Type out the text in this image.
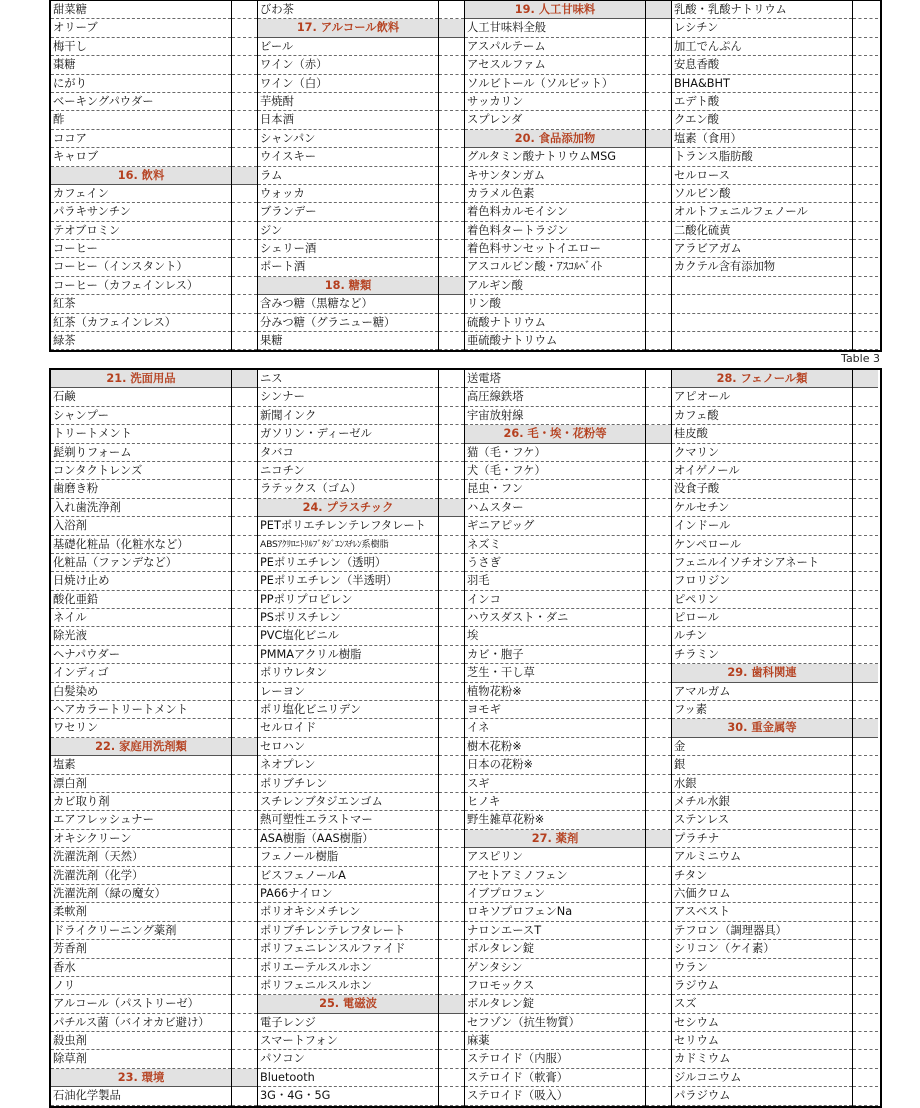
甜菜糖
オリーブ
梅干し
棗糖
にがり
ベーキングパウダー
酢
ココア
キャロブ
16. 飲料
カフェイン
パラキサンチン
テオブロミン
コーヒー
コーヒー（インスタント）
コーヒー（カフェインレス）
紅茶
紅茶（カフェインレス）
緑茶
びわ茶
17. アルコール飲料
ビール
ワイン（赤）
ワイン（白）
芋焼酎
日本酒
シャンパン
ウイスキー
ラム
ウォッカ
ブランデー
ジン
シェリー酒
ポート酒
18. 糖類
含みつ糖（黒糖など）
分みつ糖（グラニュー糖）
果糖
19. 人工甘味料
人工甘味料全般
アスパルテーム
アセスルファム
ソルビトール（ソルビット）
サッカリン
スプレンダ
20. 食品添加物
グルタミン酸ナトリウムMSG
キサンタンガム
カラメル色素
着色料カルモイシン
着色料タートラジン
着色料サンセットイエロー
アスコルビン酸・ｱｽｺﾙﾍﾞｲﾄ
アルギン酸
リン酸
硫酸ナトリウム
亜硫酸ナトリウム
乳酸・乳酸ナトリウム
レシチン
加工でんぷん
安息香酸
BHA&BHT
エデト酸
クエン酸
塩素（食用）
トランス脂肪酸
セルロース
ソルビン酸
オルトフェニルフェノール
二酸化硫黄
アラビアガム
カクテル含有添加物
Table 3
21. 洗面用品
石鹸
シャンプー
トリートメント
髭剃りフォーム
コンタクトレンズ
歯磨き粉
入れ歯洗浄剤
入浴剤
基礎化粧品（化粧水など）
化粧品（ファンデなど）
日焼け止め
酸化亜鉛
ネイル
除光液
ヘナパウダー
インディゴ
白髪染め
ヘアカラートリートメント
ワセリン
22. 家庭用洗剤類
塩素
漂白剤
カビ取り剤
エアフレッシュナー
オキシクリーン
洗濯洗剤（天然）
洗濯洗剤（化学）
洗濯洗剤（緑の魔女）
柔軟剤
ドライクリーニング薬剤
芳香剤
香水
ノリ
アルコール（パストリーゼ）
パチルス菌（バイオカビ避け）
殺虫剤
除草剤
23. 環境
石油化学製品
ニス
シンナー
新聞インク
ガソリン・ディーゼル
タバコ
ニコチン
ラテックス（ゴム）
24. プラスチック
PETポリエチレンテレフタレート
ABSｱｸﾘﾛﾆﾄﾘﾙﾌﾞﾀｼﾞｴﾝｽﾁﾚﾝ系樹脂
PEポリエチレン（透明）
PEポリエチレン（半透明）
PPポリプロピレン
PSポリスチレン
PVC塩化ビニル
PMMAアクリル樹脂
ポリウレタン
レーヨン
ポリ塩化ビニリデン
セルロイド
セロハン
ネオプレン
ポリブチレン
スチレンブタジエンゴム
熱可塑性エラストマー
ASA樹脂（AAS樹脂）
フェノール樹脂
ビスフェノールA
PA66ナイロン
ポリオキシメチレン
ポリブチレンテレフタレート
ポリフェニレンスルファイド
ポリエーテルスルホン
ポリフェニルスルホン
25. 電磁波
電子レンジ
スマートフォン
パソコン
Bluetooth
3G・4G・5G
送電塔
高圧線鉄塔
宇宙放射線
26. 毛・埃・花粉等
猫（毛・フケ）
犬（毛・フケ）
昆虫・フン
ハムスター
ギニアピッグ
ネズミ
うさぎ
羽毛
インコ
ハウスダスト・ダニ
埃
カビ・胞子
芝生・干し草
植物花粉※
ヨモギ
イネ
樹木花粉※
日本の花粉※
スギ
ヒノキ
野生雑草花粉※
27. 薬剤
アスピリン
アセトアミノフェン
イブプロフェン
ロキソプロフェンNa
ナロンエースT
ボルタレン錠
ゲンタシン
フロモックス
ボルタレン錠
セフゾン（抗生物質）
麻薬
ステロイド（内服）
ステロイド（軟膏）
ステロイド（吸入）
28. フェノール類
アピオール
カフェ酸
桂皮酸
クマリン
オイゲノール
没食子酸
ケルセチン
インドール
ケンペロール
フェニルイソチオシアネート
フロリジン
ピペリン
ピロール
ルチン
チラミン
29. 歯科関連
アマルガム
フッ素
30. 重金属等
金
銀
水銀
メチル水銀
ステンレス
プラチナ
アルミニウム
チタン
六価クロム
アスベスト
テフロン（調理器具）
シリコン（ケイ素）
ウラン
ラジウム
スズ
セシウム
セリウム
カドミウム
ジルコニウム
パラジウム
